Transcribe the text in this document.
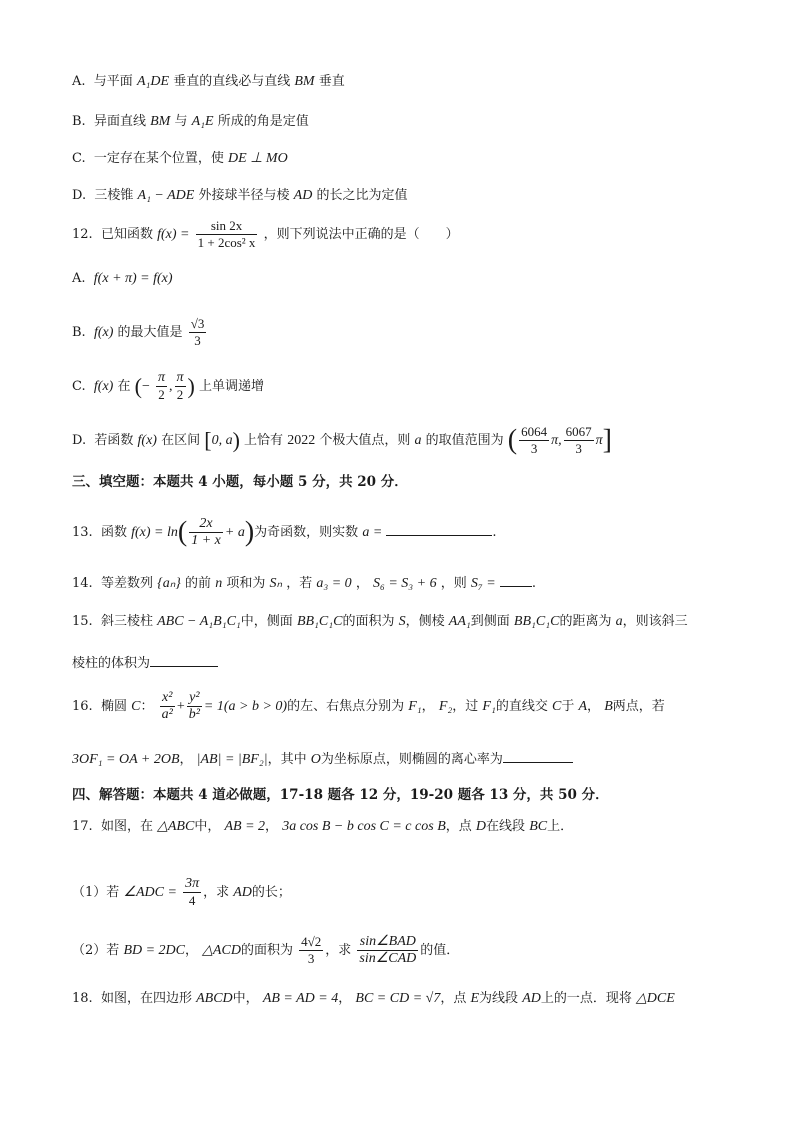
A. 与平面 A₁DE 垂直的直线必与直线 BM 垂直
B. 异面直线 BM 与 A₁E 所成的角是定值
C. 一定存在某个位置，使 DE ⊥ MO
D. 三棱锥 A₁ − ADE 外接球半径与棱 AD 的长之比为定值
12. 已知函数 $f(x) = \frac{\sin 2x}{\text{1 + 2cos² x}}$ ，则下列说法中正确的是（　　）
A. f(x + π) = f(x)
B. f(x) 的最大值是 $\frac{√3}{3}$
C. f(x) 在 (− $\frac{\pi}{2}$ , $\frac{\pi}{2}$ ) 上单调递增
D. 若函数 f(x) 在区间 [0, a) 上恰有 2022 个极大值点，则 a 的取值范围为 ( $\frac{6064}{3} \pi$, $\frac{6067}{3} \pi$]
三、填空题：本题共 4 小题，每小题 5 分，共 20 分．
13. 函数 $f(x) = \ln( \frac{2x}{1 + x} + a)$为奇函数，则实数 a =	.
14. 等差数列 {aₙ} 的前 n 项和为 Sₙ ，若 a₃ = 0 ， S₆ = S₃ + 6 ，则 S₇ =	.
15. 斜三棱柱 ABC − A₁B₁C₁中，侧面 BB₁C₁C的面积为 S，侧棱 AA₁到侧面 BB₁C₁C的距离为 a，则该斜三
棱柱的体积为
16. 椭圆 C： $\frac{\text{x²}}{\text{a²}} + \frac{\text{y²}}{\text{b²}} = 1(a > b > 0)$的左、右焦点分别为 F₁， F₂，过 F₁的直线交 C于 A， B两点，若
3OF₁ = OA + 2OB， |AB| = |BF₂|，其中 O为坐标原点，则椭圆的离心率为
四、解答题：本题共 4 道必做题，17-18 题各 12 分，19-20 题各 13 分，共 50 分．
17. 如图，在 △ABC中， AB = 2， 3a cos B − b cos C = c cos B，点 D在线段 BC上．
（1）若 ∠ADC = $\frac{3\pi}{4}$ ，求 AD的长；
（2）若 BD = 2DC， △ACD的面积为 $\frac{4√2}{3}$ ，求 $\frac{\text{sin∠BAD}}{\text{sin∠CAD}}$ 的值．
18. 如图，在四边形 ABCD中， AB = AD = 4， BC = CD = √7，点 E为线段 AD上的一点．现将 △DCE
